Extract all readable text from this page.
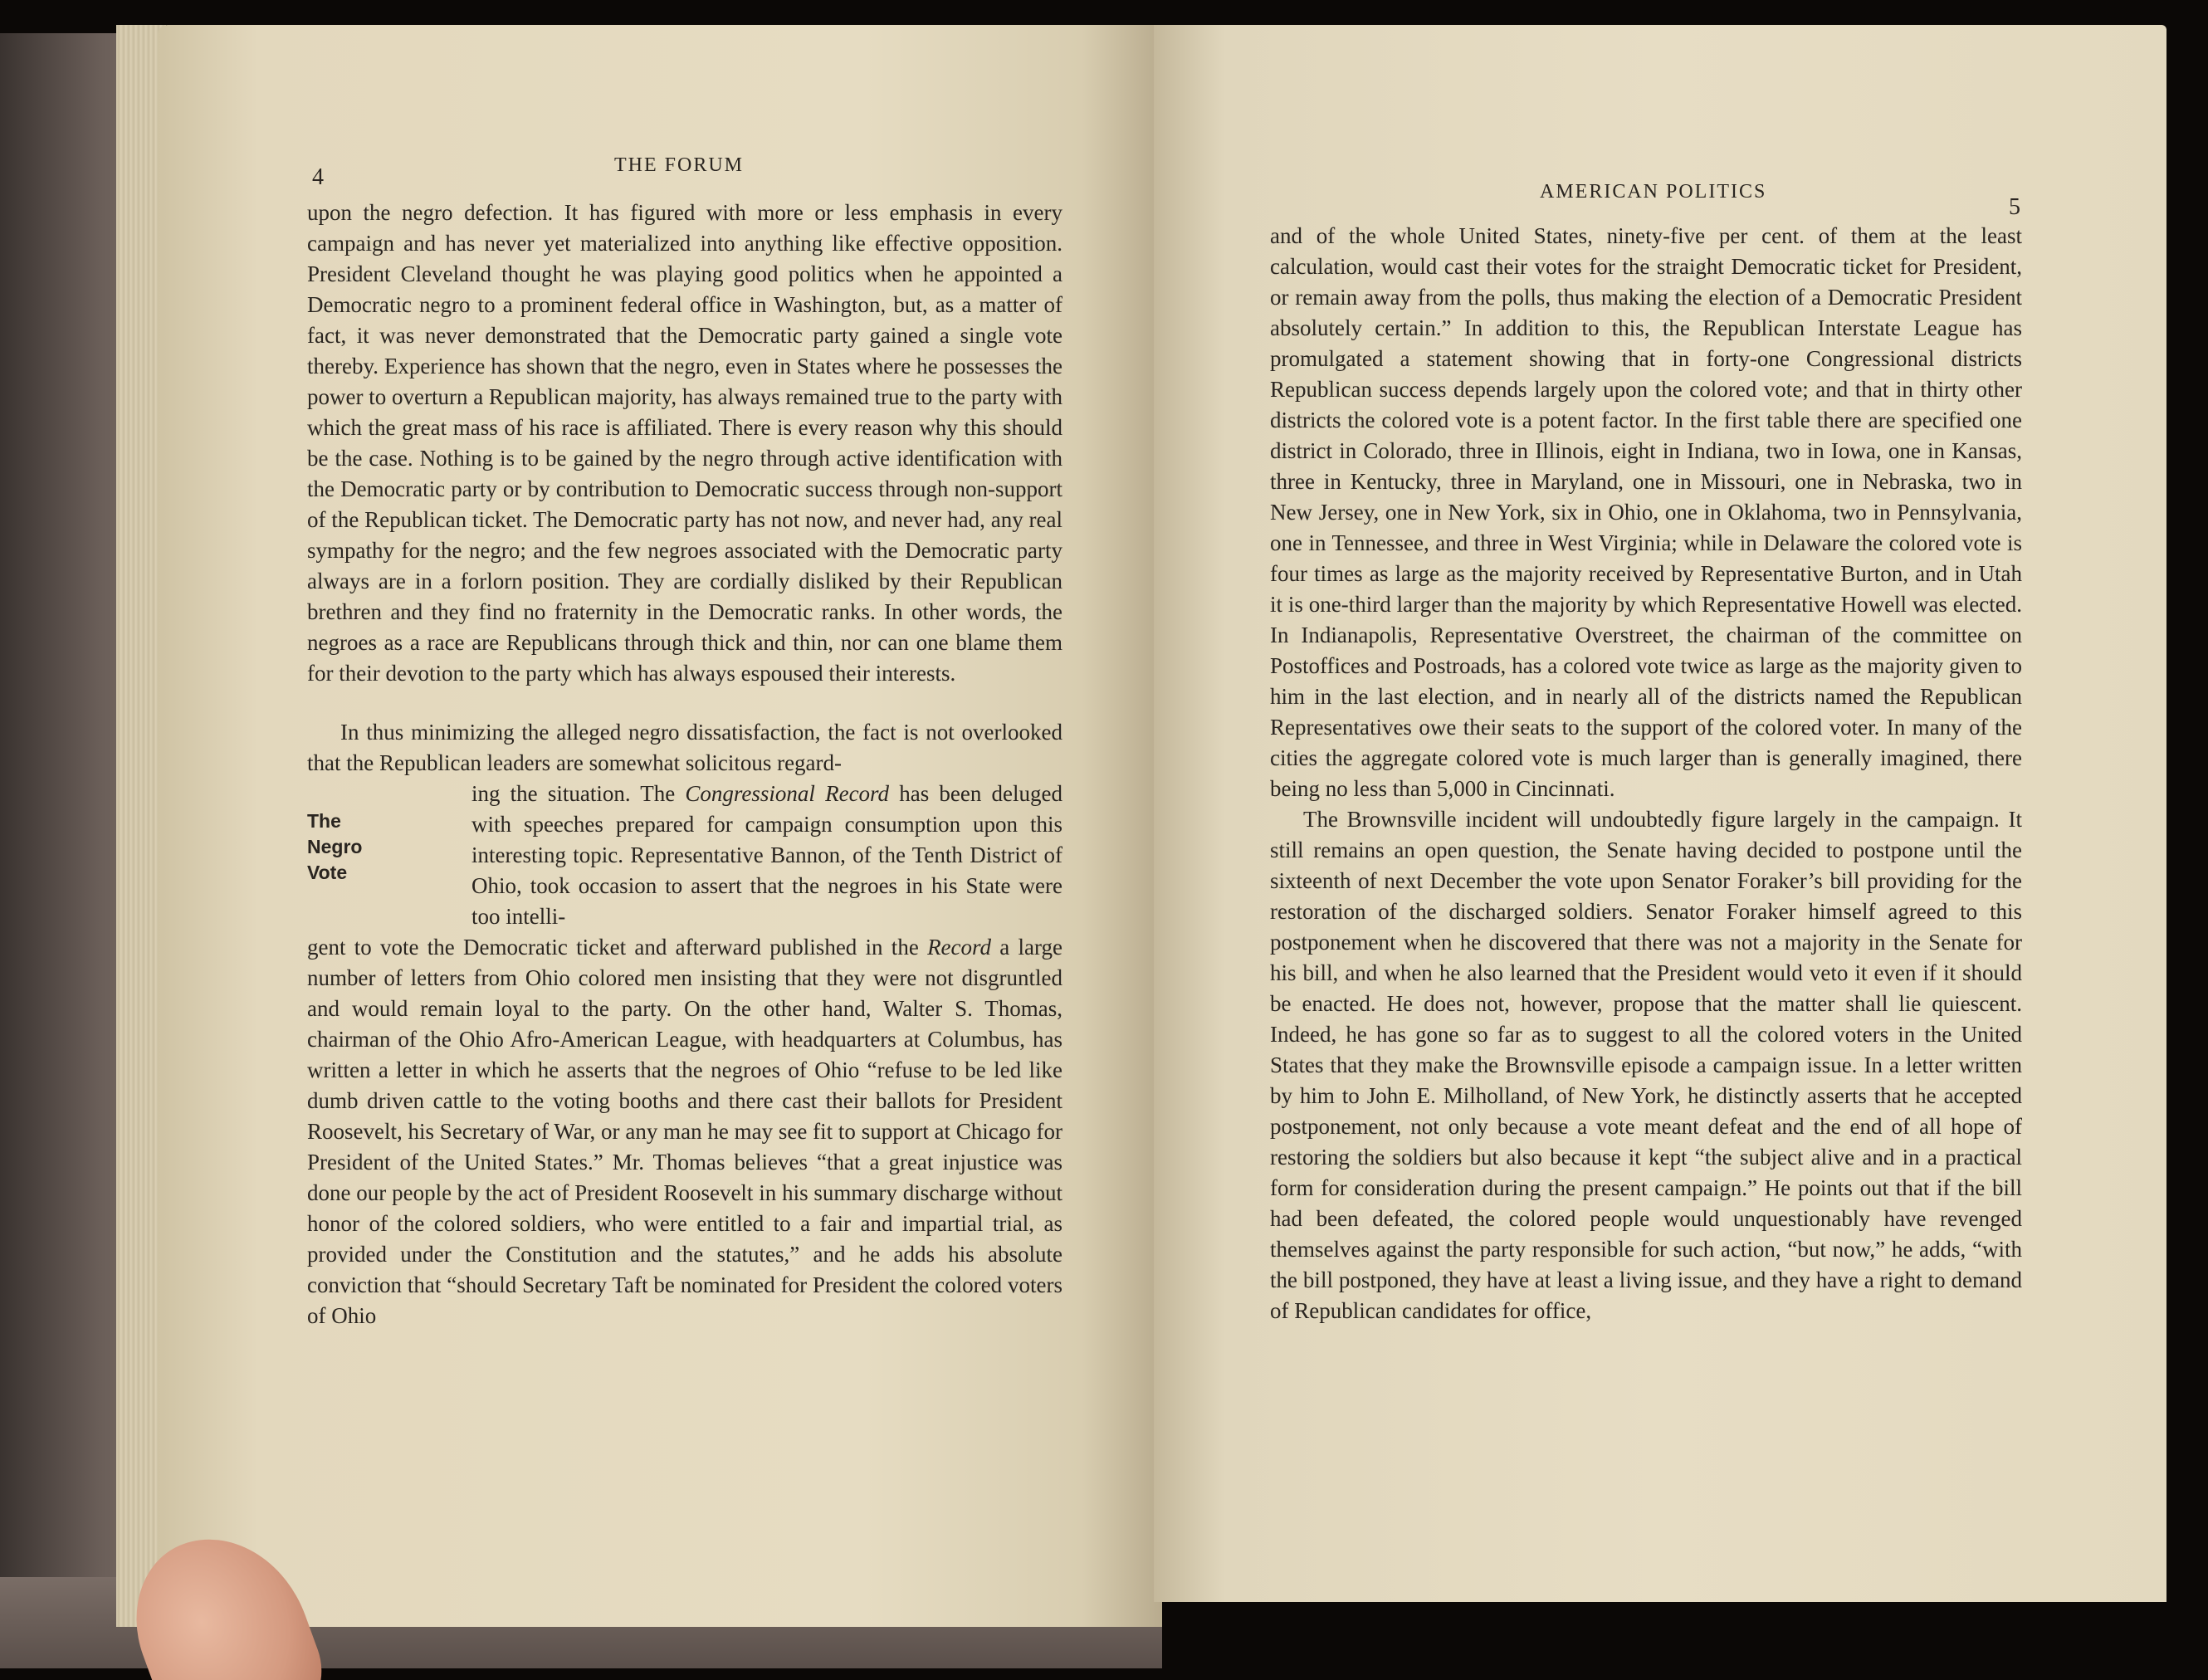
4	THE FORUM

upon the negro defection. It has figured with more or less emphasis in every campaign and has never yet materialized into anything like effective opposition. President Cleveland thought he was playing good politics when he appointed a Democratic negro to a prominent federal office in Washington, but, as a matter of fact, it was never demonstrated that the Democratic party gained a single vote thereby. Experience has shown that the negro, even in States where he possesses the power to overturn a Republican majority, has always remained true to the party with which the great mass of his race is affiliated. There is every reason why this should be the case. Nothing is to be gained by the negro through active identification with the Democratic party or by contribution to Democratic success through non-support of the Republican ticket. The Democratic party has not now, and never had, any real sympathy for the negro; and the few negroes associated with the Democratic party always are in a forlorn position. They are cordially disliked by their Republican brethren and they find no fraternity in the Democratic ranks. In other words, the negroes as a race are Republicans through thick and thin, nor can one blame them for their devotion to the party which has always espoused their interests.

In thus minimizing the alleged negro dissatisfaction, the fact is not overlooked that the Republican leaders are somewhat solicitous regard-

The
Negro
Vote

ing the situation. The Congressional Record has been deluged with speeches prepared for campaign consumption upon this interesting topic. Representative Bannon, of the Tenth District of Ohio, took occasion to assert that the negroes in his State were too intelli-

gent to vote the Democratic ticket and afterward published in the Record a large number of letters from Ohio colored men insisting that they were not disgruntled and would remain loyal to the party. On the other hand, Walter S. Thomas, chairman of the Ohio Afro-American League, with headquarters at Columbus, has written a letter in which he asserts that the negroes of Ohio “refuse to be led like dumb driven cattle to the voting booths and there cast their ballots for President Roosevelt, his Secretary of War, or any man he may see fit to support at Chicago for President of the United States.” Mr. Thomas believes “that a great injustice was done our people by the act of President Roosevelt in his summary discharge without honor of the colored soldiers, who were entitled to a fair and impartial trial, as provided under the Constitution and the statutes,” and he adds his absolute conviction that “should Secretary Taft be nominated for President the colored voters of Ohio

AMERICAN POLITICS
5

and of the whole United States, ninety-five per cent. of them at the least calculation, would cast their votes for the straight Democratic ticket for President, or remain away from the polls, thus making the election of a Democratic President absolutely certain.” In addition to this, the Republican Interstate League has promulgated a statement showing that in forty-one Congressional districts Republican success depends largely upon the colored vote; and that in thirty other districts the colored vote is a potent factor. In the first table there are specified one district in Colorado, three in Illinois, eight in Indiana, two in Iowa, one in Kansas, three in Kentucky, three in Maryland, one in Missouri, one in Nebraska, two in New Jersey, one in New York, six in Ohio, one in Oklahoma, two in Pennsylvania, one in Tennessee, and three in West Virginia; while in Delaware the colored vote is four times as large as the majority received by Representative Burton, and in Utah it is one-third larger than the majority by which Representative Howell was elected. In Indianapolis, Representative Overstreet, the chairman of the committee on Postoffices and Postroads, has a colored vote twice as large as the majority given to him in the last election, and in nearly all of the districts named the Republican Representatives owe their seats to the support of the colored voter. In many of the cities the aggregate colored vote is much larger than is generally imagined, there being no less than 5,000 in Cincinnati.

The Brownsville incident will undoubtedly figure largely in the campaign. It still remains an open question, the Senate having decided to postpone until the sixteenth of next December the vote upon Senator Foraker’s bill providing for the restoration of the discharged soldiers. Senator Foraker himself agreed to this postponement when he discovered that there was not a majority in the Senate for his bill, and when he also learned that the President would veto it even if it should be enacted. He does not, however, propose that the matter shall lie quiescent. Indeed, he has gone so far as to suggest to all the colored voters in the United States that they make the Brownsville episode a campaign issue. In a letter written by him to John E. Milholland, of New York, he distinctly asserts that he accepted postponement, not only because a vote meant defeat and the end of all hope of restoring the soldiers but also because it kept “the subject alive and in a practical form for consideration during the present campaign.” He points out that if the bill had been defeated, the colored people would unquestionably have revenged themselves against the party responsible for such action, “but now,” he adds, “with the bill postponed, they have at least a living issue, and they have a right to demand of Republican candidates for office,
